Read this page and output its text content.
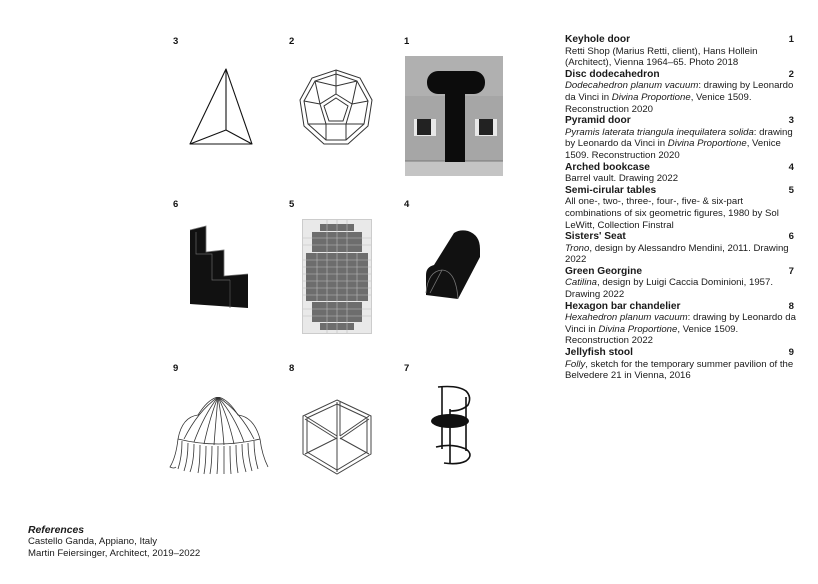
3	2	1
6	5	4
9	8	7
Keyhole door	1
Retti Shop (Marius Retti, client), Hans Hollein (Architect), Vienna 1964–65. Photo 2018
Disc dodecahedron	2
Dodecahedron planum vacuum: drawing by Leonardo da Vinci in Divina Proportione, Venice 1509. Reconstruction 2020
Pyramid door	3
Pyramis laterata triangula inequilatera solida: drawing by Leonardo da Vinci in Divina Proportione, Venice 1509. Reconstruction 2020
Arched bookcase	4
Barrel vault. Drawing 2022
Semi-cirular tables	5
All one-, two-, three-, four-, five- & six-part combinations of six geometric figures, 1980 by Sol LeWitt, Collection Finstral
Sisters' Seat	6
Trono, design by Alessandro Mendini, 2011. Drawing 2022
Green Georgine	7
Catilina, design by Luigi Caccia Dominioni, 1957. Drawing 2022
Hexagon bar chandelier	8
Hexahedron planum vacuum: drawing by Leonardo da Vinci in Divina Proportione, Venice 1509. Reconstruction 2022
Jellyfish stool	9
Folly, sketch for the temporary summer pavilion of the Belvedere 21 in Vienna, 2016
References
Castello Ganda, Appiano, Italy
Martin Feiersinger, Architect, 2019–2022
